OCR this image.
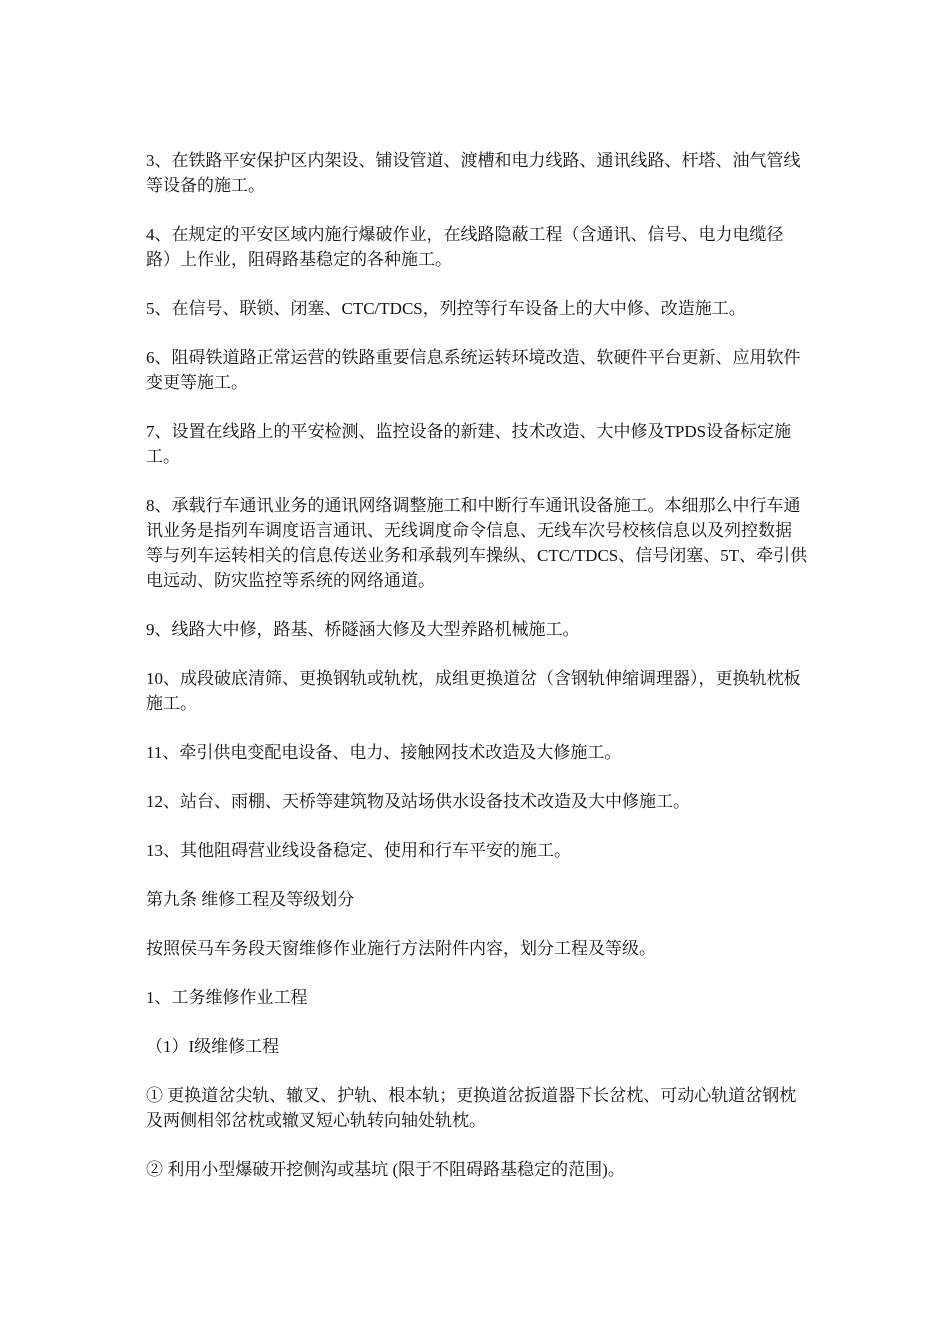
3、在铁路平安保护区内架设、铺设管道、渡槽和电力线路、通讯线路、杆塔、油气管线等设备的施工。

4、在规定的平安区域内施行爆破作业，在线路隐蔽工程（含通讯、信号、电力电缆径路）上作业，阻碍路基稳定的各种施工。

5、在信号、联锁、闭塞、CTC/TDCS，列控等行车设备上的大中修、改造施工。

6、阻碍铁道路正常运营的铁路重要信息系统运转环境改造、软硬件平台更新、应用软件变更等施工。

7、设置在线路上的平安检测、监控设备的新建、技术改造、大中修及TPDS设备标定施工。

8、承载行车通讯业务的通讯网络调整施工和中断行车通讯设备施工。本细那么中行车通讯业务是指列车调度语言通讯、无线调度命令信息、无线车次号校核信息以及列控数据等与列车运转相关的信息传送业务和承载列车操纵、CTC/TDCS、信号闭塞、5T、牵引供电远动、防灾监控等系统的网络通道。

9、线路大中修，路基、桥隧涵大修及大型养路机械施工。

10、成段破底清筛、更换钢轨或轨枕，成组更换道岔（含钢轨伸缩调理器），更换轨枕板施工。

11、牵引供电变配电设备、电力、接触网技术改造及大修施工。

12、站台、雨棚、天桥等建筑物及站场供水设备技术改造及大中修施工。

13、其他阻碍营业线设备稳定、使用和行车平安的施工。

第九条 维修工程及等级划分

按照侯马车务段天窗维修作业施行方法附件内容，划分工程及等级。

1、工务维修作业工程

（1）I级维修工程

① 更换道岔尖轨、辙叉、护轨、根本轨；更换道岔扳道器下长岔枕、可动心轨道岔钢枕及两侧相邻岔枕或辙叉短心轨转向轴处轨枕。

② 利用小型爆破开挖侧沟或基坑 (限于不阻碍路基稳定的范围)。
